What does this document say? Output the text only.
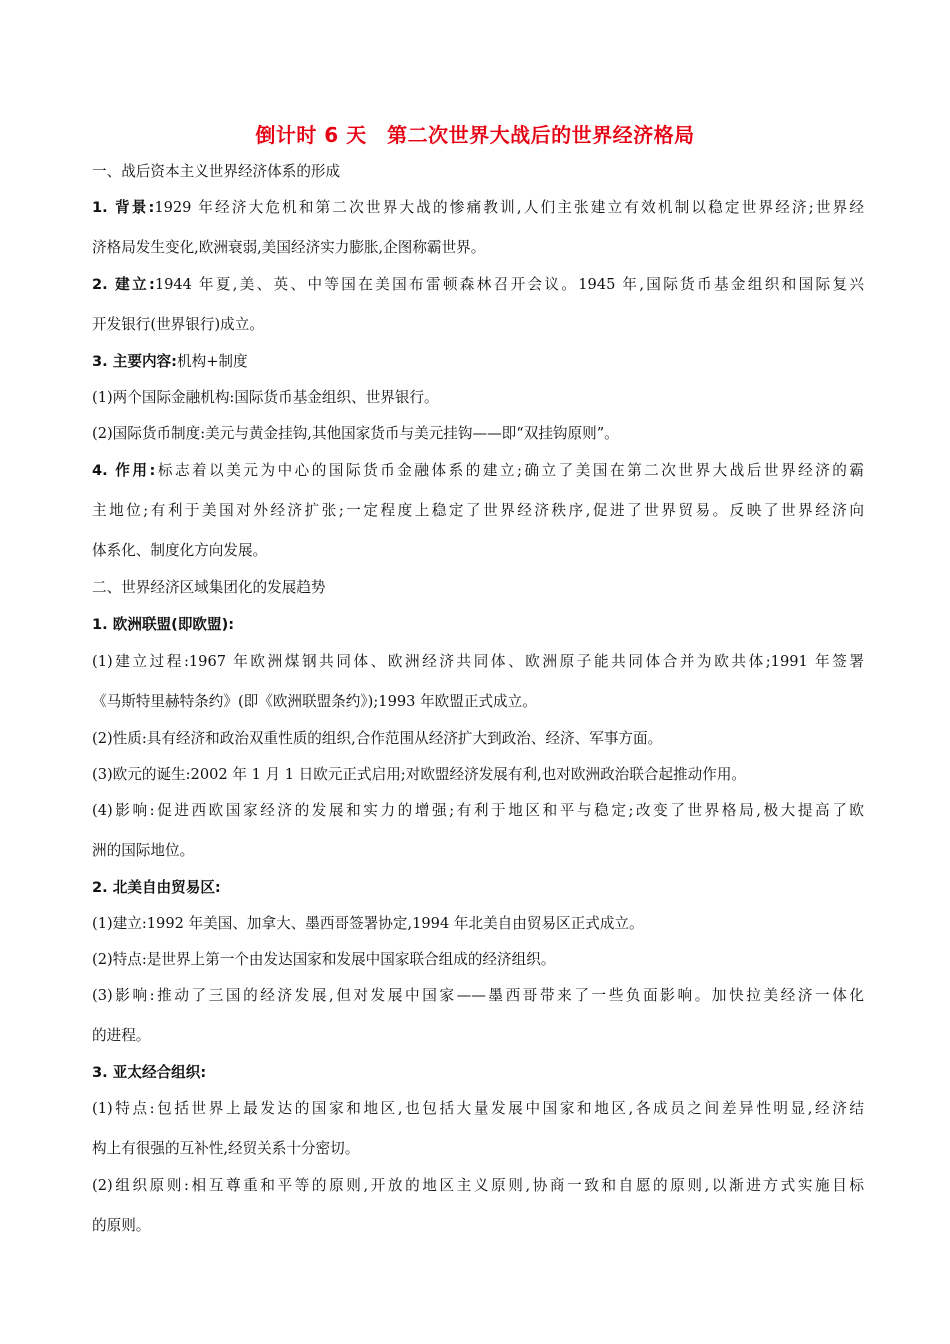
倒计时 6 天　第二次世界大战后的世界经济格局
一、战后资本主义世界经济体系的形成
1. 背景:1929 年经济大危机和第二次世界大战的惨痛教训,人们主张建立有效机制以稳定世界经济;世界经
济格局发生变化,欧洲衰弱,美国经济实力膨胀,企图称霸世界。
2. 建立:1944 年夏,美、英、中等国在美国布雷顿森林召开会议。1945 年,国际货币基金组织和国际复兴
开发银行(世界银行)成立。
3. 主要内容:机构+制度
(1)两个国际金融机构:国际货币基金组织、世界银行。
(2)国际货币制度:美元与黄金挂钩,其他国家货币与美元挂钩——即“双挂钩原则”。
4. 作用:标志着以美元为中心的国际货币金融体系的建立;确立了美国在第二次世界大战后世界经济的霸
主地位;有利于美国对外经济扩张;一定程度上稳定了世界经济秩序,促进了世界贸易。反映了世界经济向
体系化、制度化方向发展。
二、世界经济区域集团化的发展趋势
1. 欧洲联盟(即欧盟):
(1)建立过程:1967 年欧洲煤钢共同体、欧洲经济共同体、欧洲原子能共同体合并为欧共体;1991 年签署
《马斯特里赫特条约》(即《欧洲联盟条约》);1993 年欧盟正式成立。
(2)性质:具有经济和政治双重性质的组织,合作范围从经济扩大到政治、经济、军事方面。
(3)欧元的诞生:2002 年 1 月 1 日欧元正式启用;对欧盟经济发展有利,也对欧洲政治联合起推动作用。
(4)影响:促进西欧国家经济的发展和实力的增强;有利于地区和平与稳定;改变了世界格局,极大提高了欧
洲的国际地位。
2. 北美自由贸易区:
(1)建立:1992 年美国、加拿大、墨西哥签署协定,1994 年北美自由贸易区正式成立。
(2)特点:是世界上第一个由发达国家和发展中国家联合组成的经济组织。
(3)影响:推动了三国的经济发展,但对发展中国家——墨西哥带来了一些负面影响。加快拉美经济一体化
的进程。
3. 亚太经合组织:
(1)特点:包括世界上最发达的国家和地区,也包括大量发展中国家和地区,各成员之间差异性明显,经济结
构上有很强的互补性,经贸关系十分密切。
(2)组织原则:相互尊重和平等的原则,开放的地区主义原则,协商一致和自愿的原则,以渐进方式实施目标
的原则。
